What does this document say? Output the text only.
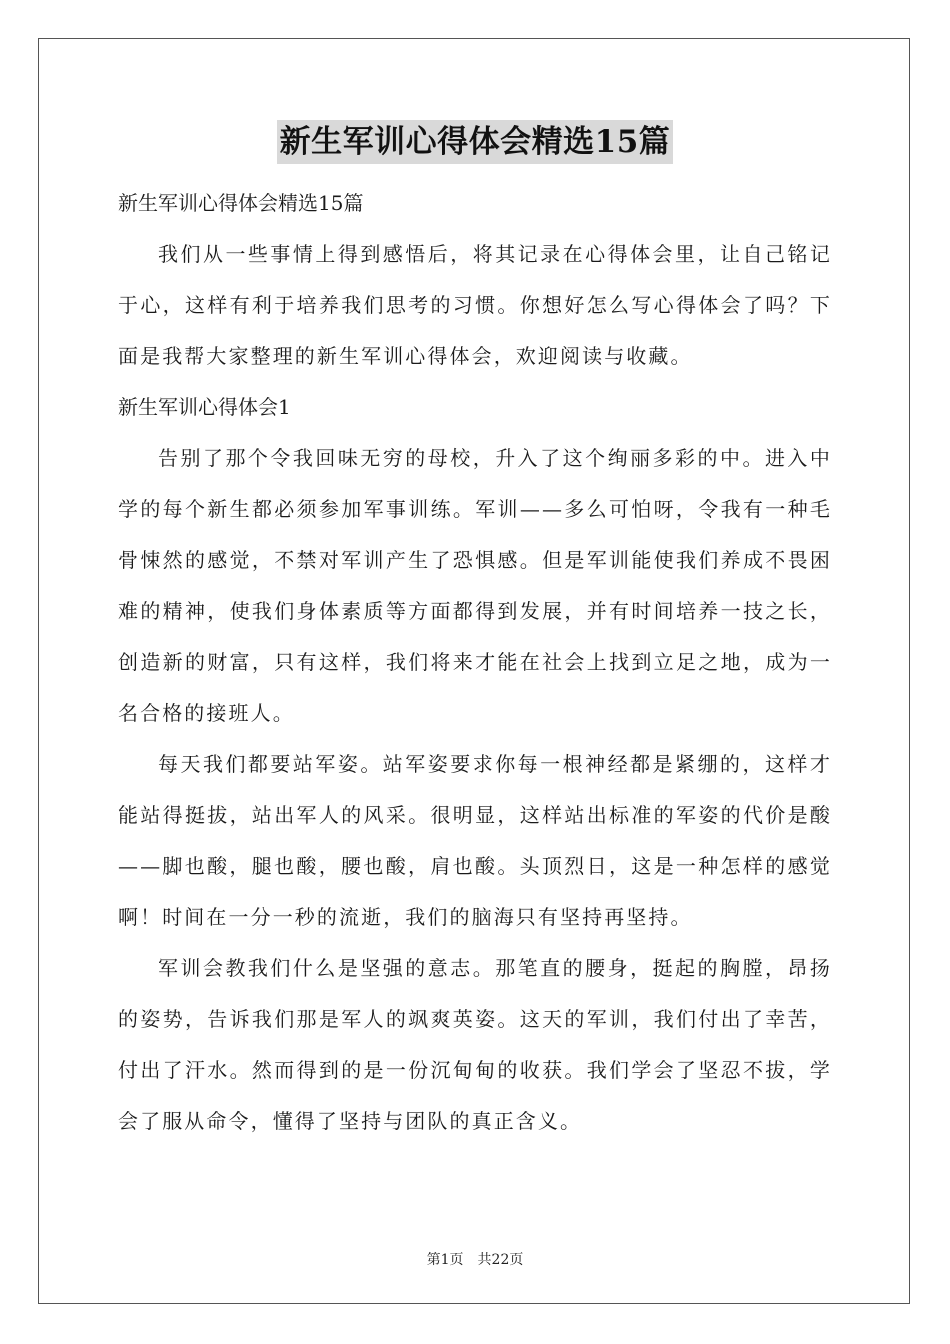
新生军训心得体会精选15篇

新生军训心得体会精选15篇

我们从一些事情上得到感悟后，将其记录在心得体会里，让自己铭记于心，这样有利于培养我们思考的习惯。你想好怎么写心得体会了吗？下面是我帮大家整理的新生军训心得体会，欢迎阅读与收藏。

新生军训心得体会1

告别了那个令我回味无穷的母校，升入了这个绚丽多彩的中。进入中学的每个新生都必须参加军事训练。军训——多么可怕呀，令我有一种毛骨悚然的感觉，不禁对军训产生了恐惧感。但是军训能使我们养成不畏困难的精神，使我们身体素质等方面都得到发展，并有时间培养一技之长，创造新的财富，只有这样，我们将来才能在社会上找到立足之地，成为一名合格的接班人。

每天我们都要站军姿。站军姿要求你每一根神经都是紧绷的，这样才能站得挺拔，站出军人的风采。很明显，这样站出标准的军姿的代价是酸——脚也酸，腿也酸，腰也酸，肩也酸。头顶烈日，这是一种怎样的感觉啊！时间在一分一秒的流逝，我们的脑海只有坚持再坚持。

军训会教我们什么是坚强的意志。那笔直的腰身，挺起的胸膛，昂扬的姿势，告诉我们那是军人的飒爽英姿。这天的军训，我们付出了幸苦，付出了汗水。然而得到的是一份沉甸甸的收获。我们学会了坚忍不拔，学会了服从命令，懂得了坚持与团队的真正含义。

第1页　共22页
